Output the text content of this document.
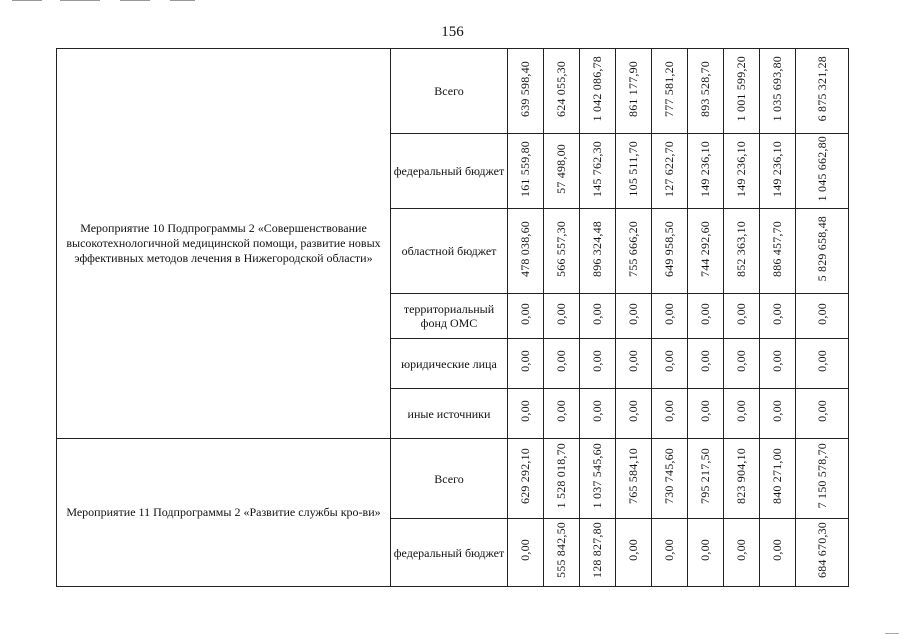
156
Мероприятие 10 Подпрограммы 2 «Совершенствование высокотехнологичной медицинской помощи, развитие новых эффективных методов лечения в Нижегородской области»	Всего	639 598,40	624 055,30	1 042 086,78	861 177,90	777 581,20	893 528,70	1 001 599,20	1 035 693,80	6 875 321,28
	федеральный бюджет	161 559,80	57 498,00	145 762,30	105 511,70	127 622,70	149 236,10	149 236,10	149 236,10	1 045 662,80
	областной бюджет	478 038,60	566 557,30	896 324,48	755 666,20	649 958,50	744 292,60	852 363,10	886 457,70	5 829 658,48
	территориальный фонд ОМС	0,00	0,00	0,00	0,00	0,00	0,00	0,00	0,00	0,00
	юридические лица	0,00	0,00	0,00	0,00	0,00	0,00	0,00	0,00	0,00
	иные источники	0,00	0,00	0,00	0,00	0,00	0,00	0,00	0,00	0,00
Мероприятие 11 Подпрограммы 2 «Развитие службы кро-ви»	Всего	629 292,10	1 528 018,70	1 037 545,60	765 584,10	730 745,60	795 217,50	823 904,10	840 271,00	7 150 578,70
	федеральный бюджет	0,00	555 842,50	128 827,80	0,00	0,00	0,00	0,00	0,00	684 670,30
